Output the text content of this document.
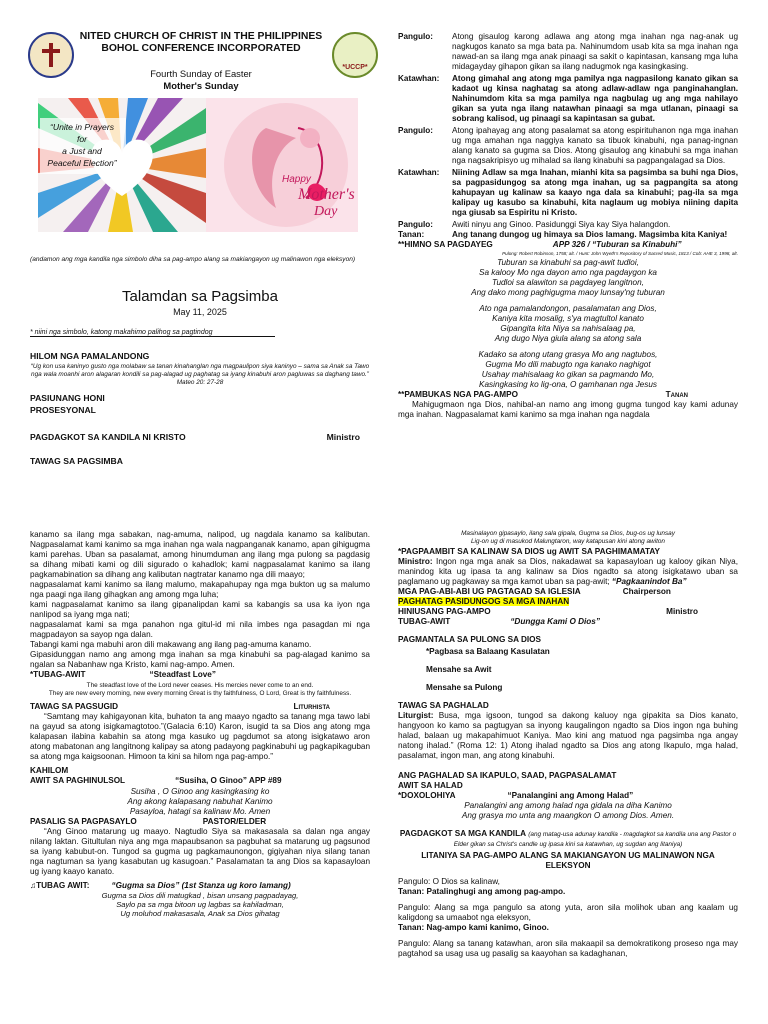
*UCCP*
NITED CHURCH OF CHRIST IN THE PHILIPPINES
BOHOL CONFERENCE INCORPORATED
Fourth Sunday of Easter
Mother's Sunday
“Unite in Prayers
for
a Just and
Peaceful Election”
Happy
Mother's
Day
(andamon ang mga kandila nga simbolo diha sa pag-ampo alang sa makiangayon ug malinawon nga eleksyon)
Talamdan sa Pagsimba
May 11, 2025
* niini nga simbolo, katong makahimo palihog sa pagtindog

HILOM NGA PAMALANDONG

“Ug kon usa kaninyo gusto nga molabaw sa tanan kinahanglan nga magpaulipon siya kaninyo – sama sa Anak sa Tawo nga wala moanhi aron alagaran kondili sa pag-alagad ug paghatag sa iyang kinabuhi aron pagluwas sa daghang tawo.”

Mateo 20: 27-28

PASIUNANG HONI

PROSESYONAL

PAGDAGKOT SA KANDILA NI KRISTO	Ministro

TAWAG SA PAGSIMBA

Pangulo:	Atong gisaulog karong adlawa ang atong mga inahan nga nag-anak ug nagkugos kanato sa mga bata pa. Nahinumdom usab kita sa mga inahan nga nawad-an sa ilang mga anak pinaagi sa sakit o kapintasan, kansang mga luha midagayday gihapon gikan sa ilang nadugmok nga kasingkasing.
Katawhan:	Atong gimahal ang atong mga pamilya nga nagpasilong kanato gikan sa kadaot ug kinsa naghatag sa atong adlaw-adlaw nga panginahanglan. Nahinumdom kita sa mga pamilya nga nagbulag ug ang mga nahilayo gikan sa yuta nga ilang natawhan pinaagi sa mga utlanan, pinaagi sa sobrang kalisod, ug pinaagi sa kapintasan sa gubat.
Pangulo:	Atong ipahayag ang atong pasalamat sa atong espirituhanon nga mga inahan ug mga amahan nga naggiya kanato sa tibuok kinabuhi, nga panag-ingnan alang kanato sa gugma sa Dios. Atong gisaulog ang kinabuhi sa mga inahan nga nagsakripisyo ug mihalad sa ilang kinabuhi sa pagpangalagad sa Dios.
Katawhan:	Niining Adlaw sa mga Inahan, mianhi kita sa pagsimba sa buhi nga Dios, sa pagpasidungog sa atong mga inahan, ug sa pagpangita sa atong kahupayan ug kalinaw sa kaayo nga dala sa kinabuhi; pag-ila sa mga kalipay ug kasubo sa kinabuhi, kita naglaum ug mobiya niining dapita nga giusab sa Espiritu ni Kristo.
Pangulo:	Awiti ninyu ang Ginoo. Pasidunggi Siya kay Siya halangdon.
Tanan:	Ang tanang dungog ug himaya sa Dios lamang. Magsimba kita Kaniya!
**HIMNO SA PAGDAYEG	APP 326 / “Tuburan sa Kinabuhi”

Pulong: Robert Robinson, 1758; alt. / Hunt: John Wyeth's Repository of Sacred Music, 1813 / Cob: AHE 3, 1998, alt.

Tuburan sa kinabuhi sa pag-awit tudloi,

Sa kalooy Mo nga dayon amo nga pagdaygon ka

Tudloi sa alawiton sa pagdayeg langitnon,

Ang dako mong paghigugma maoy lunsay'ng tuburan

Ato nga pamalandongon, pasalamatan ang Dios,

Kaniya kita mosalig, s'ya magtultol kanato

Gipangita kita Niya sa nahisalaag pa,

Ang dugo Niya giula alang sa atong sala

Kadako sa atong utang grasya Mo ang nagtubos,

Gugma Mo dili mabugto nga kanako naghigot

Usahay mahisalaag ko gikan sa pagmando Mo,

Kasingkasing ko lig-ona, O gamhanan nga Jesus

**PAMBUKAS NGA PAG-AMPO	Tanan

Mahigugmaon nga Dios, nahibal-an namo ang imong gugma tungod kay kami adunay mga inahan. Nagpasalamat kami kanimo sa mga inahan nga nagdala

kanamo sa ilang mga sabakan, nag-amuma, nalipod, ug nagdala kanamo sa kalibutan. Nagpasalamat kami kanimo sa mga inahan nga wala nagpanganak kanamo, apan gihigugma kami parehas. Uban sa pasalamat, among hinumduman ang ilang mga pulong sa pagdasig sa dihang mibati kami og dili sigurado o kahadlok; kami nagpasalamat kanimo sa ilang pagkamabination sa dihang ang kalibutan nagtratar kanamo nga dili maayo;

nagpasalamat kami kanimo sa ilang malumo, makapahupay nga mga bukton ug sa malumo nga paagi nga ilang gihagkan ang among mga luha;

kami nagpasalamat kanimo sa ilang gipanalipdan kami sa kabangis sa usa ka iyon nga nanlipod sa iyang mga nati;

nagpasalamat kami sa mga panahon nga gitul-id mi nila imbes nga pasagdan mi nga magpadayon sa sayop nga dalan.

Tabangi kami nga mabuhi aron dili makawang ang ilang pag-amuma kanamo.

Gipasidunggan namo ang among mga inahan sa mga kinabuhi sa pag-alagad kanimo sa ngalan sa Nabanhaw nga Kristo, kami nag-ampo. Amen.

*TUBAG-AWIT	“Steadfast Love”

The steadfast love of the Lord never ceases. His mercies never come to an end.

They are new every morning, new every morning Great is thy faithfulness, O Lord, Great is thy faithfulness.

TAWAG SA PAGSUGID	Liturhista

“Samtang may kahigayonan kita, buhaton ta ang maayo ngadto sa tanang mga tawo labi na gayud sa atong isigkamagtotoo.”(Galacia 6:10) Karon, isugid ta sa Dios ang atong mga kalapasan ilabina kabahin sa atong mga kasuko ug pagdumot sa atong isigkatawo aron atong mabatonan ang langitnong kalipay sa atong padayong pagkinabuhi ug pagkapikaguban sa atong mga kaigsoonan. Himoon ta kini sa hilom nga pag-ampo.”

KAHILOM

AWIT SA PAGHINULSOL	“Susiha, O Ginoo” APP #89

Susiha , O Ginoo ang kasingkasing ko

Ang akong kalapasang nabuhat Kanimo

Pasayloa, hatagi sa kalinaw Mo. Amen

PASALIG SA PAGPASAYLO	PASTOR/ELDER

“Ang Ginoo matarung ug maayo. Nagtudlo Siya sa makasasala sa dalan nga angay nilang laktan. Gitultulan niya ang mga mapaubsanon sa pagbuhat sa matarung ug pagsunod sa iyang kabubut-on. Tungod sa gugma ug pagkamaunongon, gigiyahan niya silang tanan nga nagtuman sa iyang kasabutan ug kasugoan.” Pasalamatan ta ang Dios sa kapasayloan ug iyang kaayo kanato.

♫TUBAG AWIT:	“Gugma sa Dios” (1st Stanza ug koro lamang)

Gugma sa Dios dili matugkad , bisan unsang pagpadayag,

Saylo pa sa mga bitoon ug lagbas sa kahiladman,

Ug moluhod makasasala, Anak sa Dios gihatag

Masinalayon gipasaylo, ilang sala gipala, Gugma sa Dios, bug-os ug lunsay

Lig-on ug di masukod Malungtaron, way katapusan kini atong awiton

*PAGPAAMBIT SA KALINAW SA DIOS ug AWIT SA PAGHIMAMATAY

Ministro: Ingon nga mga anak sa Dios, nakadawat sa kapasayloan ug kalooy gikan Niya, manindog kita ug ipasa ta ang kalinaw sa Dios ngadto sa atong isigkatawo uban sa paglamano ug pagkaway sa mga kamot uban sa pag-awit; “Pagkaanindot Ba”

MGA PAG-ABI-ABI UG PAGTAGAD SA IGLESIA	Chairperson

PAGHATAG PASIDUNGOG SA MGA INAHAN

HINIUSANG PAG-AMPO	Ministro
TUBAG-AWIT	“Dungga Kami O Dios”

PAGMANTALA SA PULONG SA DIOS

*Pagbasa sa Balaang Kasulatan

Mensahe sa Awit

Mensahe sa Pulong

TAWAG SA PAGHALAD

Liturgist: Busa, mga igsoon, tungod sa dakong kaluoy nga gipakita sa Dios kanato, hangyoon ko kamo sa pagtugyan sa inyong kaugalingon ngadto sa Dios ingon nga buhing halad, balaan ug makapahimuot Kaniya. Mao kini ang matuod nga pagsimba nga angay natong ihalad.” (Roma 12: 1) Atong ihalad ngadto sa Dios ang atong Ikapulo, mga halad, pasalamat, ingon man, ang atong kinabuhi.

ANG PAGHALAD SA IKAPULO, SAAD, PAGPASALAMAT

AWIT SA HALAD

*DOXOLOHIYA	“Panalangini ang Among Halad”

Panalangini ang among halad nga gidala na diha Kanimo

Ang grasya mo unta ang maangkon O among Dios. Amen.

PAGDAGKOT SA MGA KANDILA (ang matag-usa adunay kandila - magdagkot sa kandila una ang Pastor o Elder gikan sa Christ's candle ug ipasa kini sa katawhan, ug sugdan ang litaniya)

LITANIYA SA PAG-AMPO ALANG SA MAKIANGAYON UG MALINAWON NGA ELEKSYON

Pangulo: O Dios sa kalinaw,

Tanan: Patalinghugi ang among pag-ampo.

Pangulo: Alang sa mga pangulo sa atong yuta, aron sila molihok uban ang kaalam ug kaligdong sa umaabot nga eleksyon,

Tanan: Nag-ampo kami kanimo, Ginoo.

Pangulo: Alang sa tanang katawhan, aron sila makaapil sa demokratikong proseso nga may pagtahod sa usag usa ug pasalig sa kaayohan sa kadaghanan,
